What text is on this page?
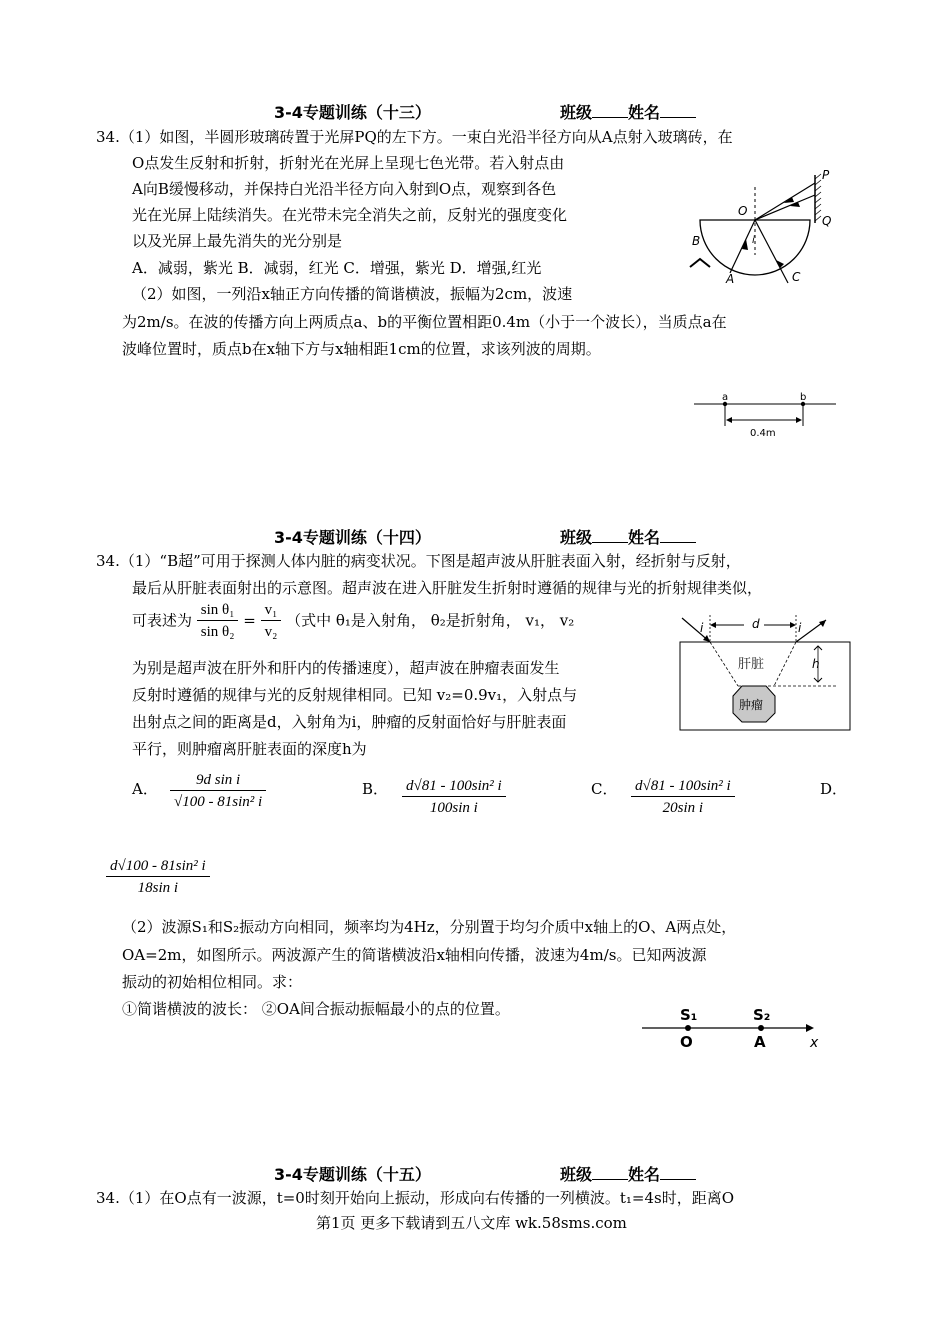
3-4专题训练（十三）	班级 姓名
34.（1）如图，半圆形玻璃砖置于光屏PQ的左下方。一束白光沿半径方向从A点射入玻璃砖，在
O点发生反射和折射，折射光在光屏上呈现七色光带。若入射点由
A向B缓慢移动，并保持白光沿半径方向入射到O点，观察到各色
光在光屏上陆续消失。在光带未完全消失之前，反射光的强度变化
以及光屏上最先消失的光分别是
A．减弱，紫光 B．减弱，红光 C．增强，紫光 D．增强,红光
（2）如图，一列沿x轴正方向传播的简谐横波，振幅为2cm，波速
为2m/s。在波的传播方向上两质点a、b的平衡位置相距0.4m（小于一个波长），当质点a在
波峰位置时，质点b在x轴下方与x轴相距1cm的位置，求该列波的周期。
P
Q
O
i
B
A	C
a	b
0.4m
3-4专题训练（十四）	班级 姓名
34.（1）“B超”可用于探测人体内脏的病变状况。下图是超声波从肝脏表面入射，经折射与反射，
最后从肝脏表面射出的示意图。超声波在进入肝脏发生折射时遵循的规律与光的折射规律类似，
可表述为 $\frac{\text{sin θ₁}}{\text{sin θ₂}} = \frac{\text{v₁}}{\text{v₂}}$ （式中 θ₁是入射角， θ₂是折射角， v₁， v₂
为别是超声波在肝外和肝内的传播速度），超声波在肿瘤表面发生
反射时遵循的规律与光的反射规律相同。已知 v₂=0.9v₁，入射点与
出射点之间的距离是d，入射角为i，肿瘤的反射面恰好与肝脏表面
平行，则肿瘤离肝脏表面的深度h为
i	d	i
肝脏	h
肿瘤
A． $\frac{\text{9d sin i}}{\text{√100 - 81sin² i}}$	B． $\frac{\text{d√81 - 100sin² i}}{\text{100sin i}}$	C． $\frac{\text{d√81 - 100sin² i}}{\text{20sin i}}$	D．
$\frac{\text{d√100 - 81sin² i}}{\text{18sin i}}$
（2）波源S₁和S₂振动方向相同，频率均为4Hz，分别置于均匀介质中x轴上的O、A两点处，
OA=2m，如图所示。两波源产生的简谐横波沿x轴相向传播，波速为4m/s。已知两波源
振动的初始相位相同。求：
①简谐横波的波长： ②OA间合振动振幅最小的点的位置。	S₁	S₂
O	A	x
3-4专题训练（十五）	班级 姓名
34.（1）在O点有一波源，t=0时刻开始向上振动，形成向右传播的一列横波。t₁=4s时，距离O
第1页 更多下载请到五八文库 wk.58sms.com
